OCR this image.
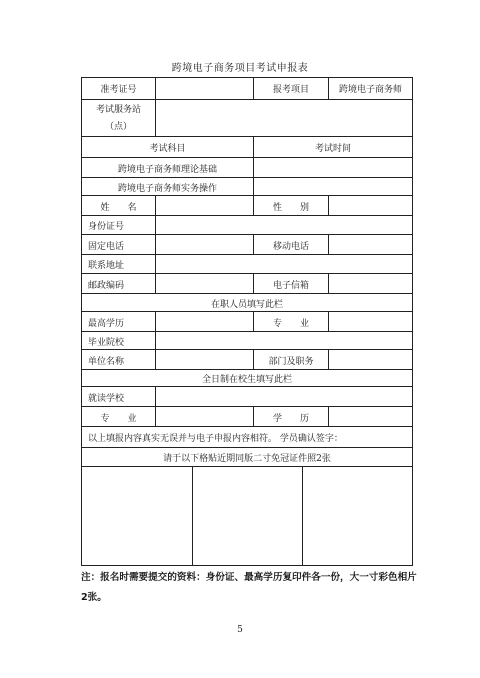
跨境电子商务项目考试申报表
准考证号	报考项目	跨境电子商务师
考试服务站
（点）
考试科目	考试时间
跨境电子商务师理论基础
跨境电子商务师实务操作
姓　　名	性　　别
身份证号
固定电话	移动电话
联系地址
邮政编码	电子信箱
在职人员填写此栏
最高学历	专　　业
毕业院校
单位名称	部门及职务
全日制在校生填写此栏
就读学校
专　　业	学　　历
以上填报内容真实无误并与电子申报内容相符。 学员确认签字：
请于以下格贴近期同版二寸免冠证件照2张
注：报名时需要提交的资料：身份证、最高学历复印件各一份，大一寸彩色相片2张。
5
